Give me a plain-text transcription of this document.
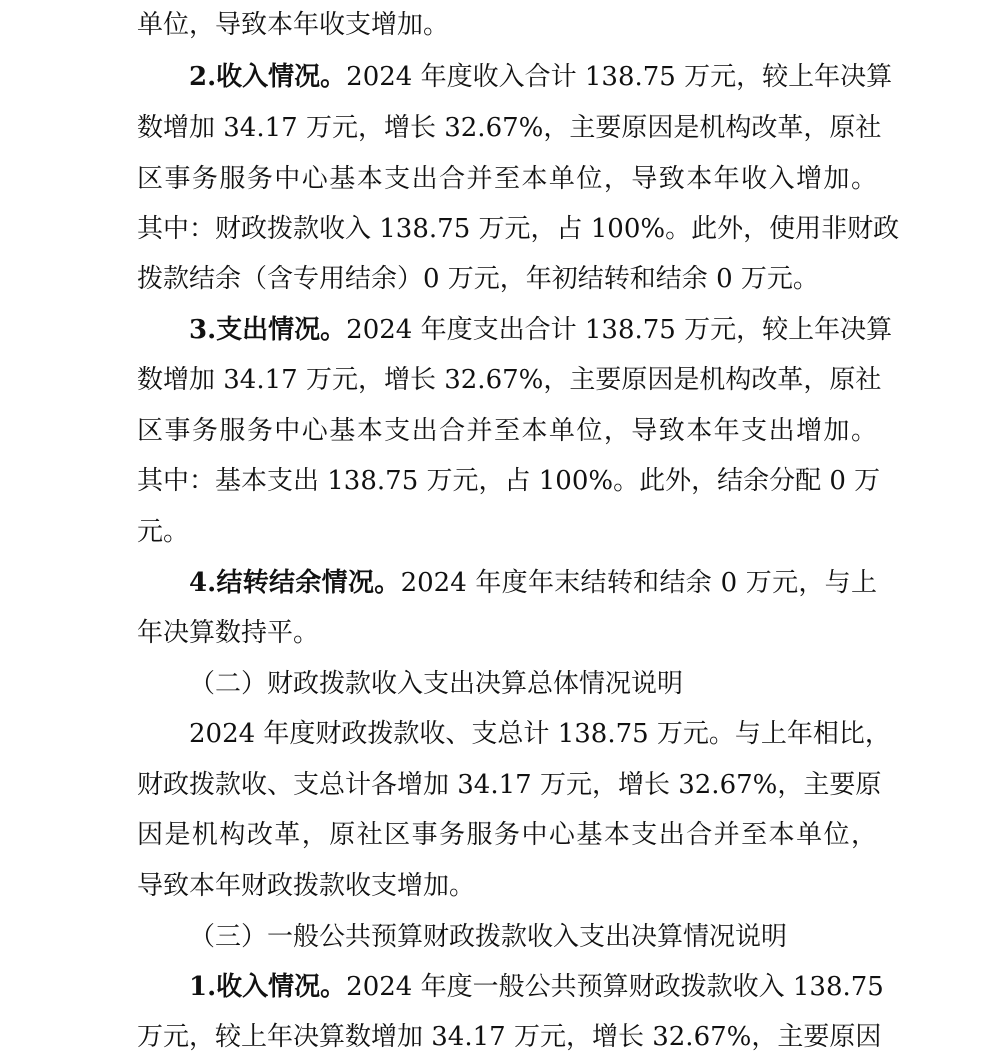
单位，导致本年收支增加。
2.收入情况。2024 年度收入合计 138.75 万元，较上年决算
数增加 34.17 万元，增长 32.67%，主要原因是机构改革，原社
区事务服务中心基本支出合并至本单位，导致本年收入增加。
其中：财政拨款收入 138.75 万元，占 100%。此外，使用非财政
拨款结余（含专用结余）0 万元，年初结转和结余 0 万元。
3.支出情况。2024 年度支出合计 138.75 万元，较上年决算
数增加 34.17 万元，增长 32.67%，主要原因是机构改革，原社
区事务服务中心基本支出合并至本单位，导致本年支出增加。
其中：基本支出 138.75 万元，占 100%。此外，结余分配 0 万
元。
4.结转结余情况。2024 年度年末结转和结余 0 万元，与上
年决算数持平。
（二）财政拨款收入支出决算总体情况说明
2024 年度财政拨款收、支总计 138.75 万元。与上年相比，
财政拨款收、支总计各增加 34.17 万元，增长 32.67%，主要原
因是机构改革，原社区事务服务中心基本支出合并至本单位，
导致本年财政拨款收支增加。
（三）一般公共预算财政拨款收入支出决算情况说明
1.收入情况。2024 年度一般公共预算财政拨款收入 138.75
万元，较上年决算数增加 34.17 万元，增长 32.67%，主要原因
